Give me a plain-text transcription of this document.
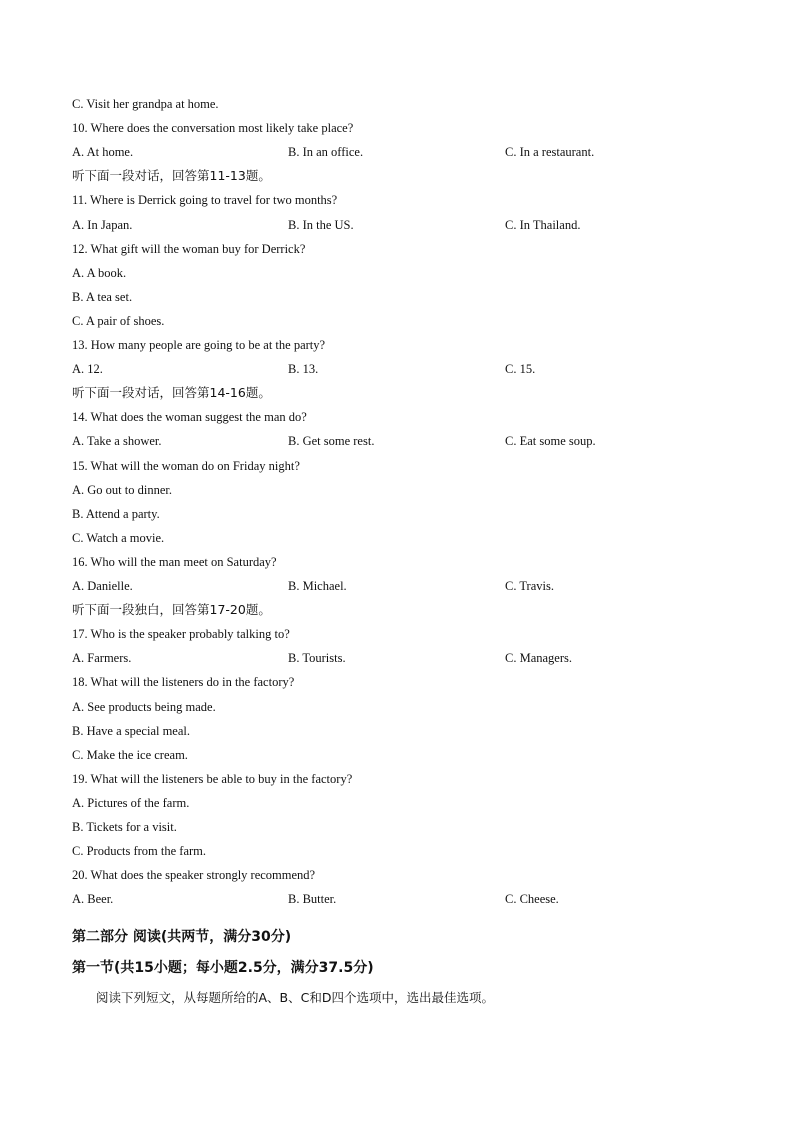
第二部分 阅读(共两节，满分30分)
第一节(共15小题；每小题2.5分，满分37.5分)
阅读下列短文，从每题所给的A、B、C和D四个选项中，选出最佳选项。
C. Visit her grandpa at home.
10. Where does the conversation most likely take place?
A. At home.	B. In an office.	C. In a restaurant.
听下面一段对话，回答第11-13题。
11. Where is Derrick going to travel for two months?
A. In Japan.	B. In the US.	C. In Thailand.
12. What gift will the woman buy for Derrick?
A. A book.
B. A tea set.
C. A pair of shoes.
13. How many people are going to be at the party?
A. 12.	B. 13.	C. 15.
听下面一段对话，回答第14-16题。
14. What does the woman suggest the man do?
A. Take a shower.	B. Get some rest.	C. Eat some soup.
15. What will the woman do on Friday night?
A. Go out to dinner.
B. Attend a party.
C. Watch a movie.
16. Who will the man meet on Saturday?
A. Danielle.	B. Michael.	C. Travis.
听下面一段独白，回答第17-20题。
17. Who is the speaker probably talking to?
A. Farmers.	B. Tourists.	C. Managers.
18. What will the listeners do in the factory?
A. See products being made.
B. Have a special meal.
C. Make the ice cream.
19. What will the listeners be able to buy in the factory?
A. Pictures of the farm.
B. Tickets for a visit.
C. Products from the farm.
20. What does the speaker strongly recommend?
A. Beer.	B. Butter.	C. Cheese.
